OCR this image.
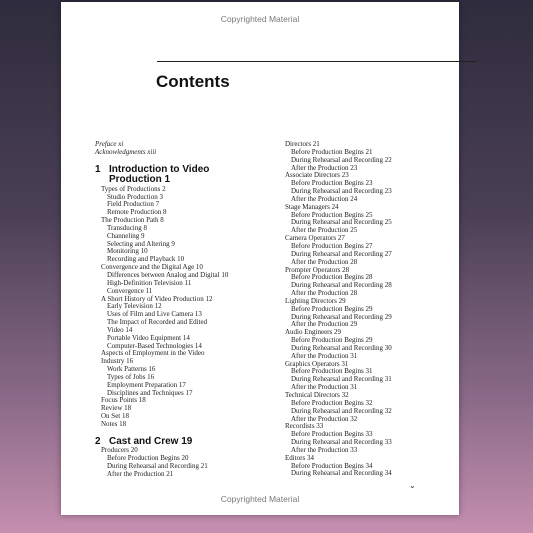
Copyrighted Material
Contents
Preface xi
Acknowledgments xiii
1 Introduction to Video
Production 1
Types of Productions 2
Studio Production 3
Field Production 7
Remote Production 8
The Production Path 8
Transducing 8
Channeling 9
Selecting and Altering 9
Monitoring 10
Recording and Playback 10
Convergence and the Digital Age 10
Differences between Analog and Digital 10
High-Definition Television 11
Convergence 11
A Short History of Video Production 12
Early Television 12
Uses of Film and Live Camera 13
The Impact of Recorded and Edited
Video 14
Portable Video Equipment 14
Computer-Based Technologies 14
Aspects of Employment in the Video
Industry 16
Work Patterns 16
Types of Jobs 16
Employment Preparation 17
Disciplines and Techniques 17
Focus Points 18
Review 18
On Set 18
Notes 18
2 Cast and Crew 19
Producers 20
Before Production Begins 20
During Rehearsal and Recording 21
After the Production 21
Directors 21
Before Production Begins 21
During Rehearsal and Recording 22
After the Production 23
Associate Directors 23
Before Production Begins 23
During Rehearsal and Recording 23
After the Production 24
Stage Managers 24
Before Production Begins 25
During Rehearsal and Recording 25
After the Production 25
Camera Operators 27
Before Production Begins 27
During Rehearsal and Recording 27
After the Production 28
Prompter Operators 28
Before Production Begins 28
During Rehearsal and Recording 28
After the Production 28
Lighting Directors 29
Before Production Begins 29
During Rehearsal and Recording 29
After the Production 29
Audio Engineers 29
Before Production Begins 29
During Rehearsal and Recording 30
After the Production 31
Graphics Operators 31
Before Production Begins 31
During Rehearsal and Recording 31
After the Production 31
Technical Directors 32
Before Production Begins 32
During Rehearsal and Recording 32
After the Production 32
Recordists 33
Before Production Begins 33
During Rehearsal and Recording 33
After the Production 33
Editors 34
Before Production Begins 34
During Rehearsal and Recording 34
⌄
Copyrighted Material
